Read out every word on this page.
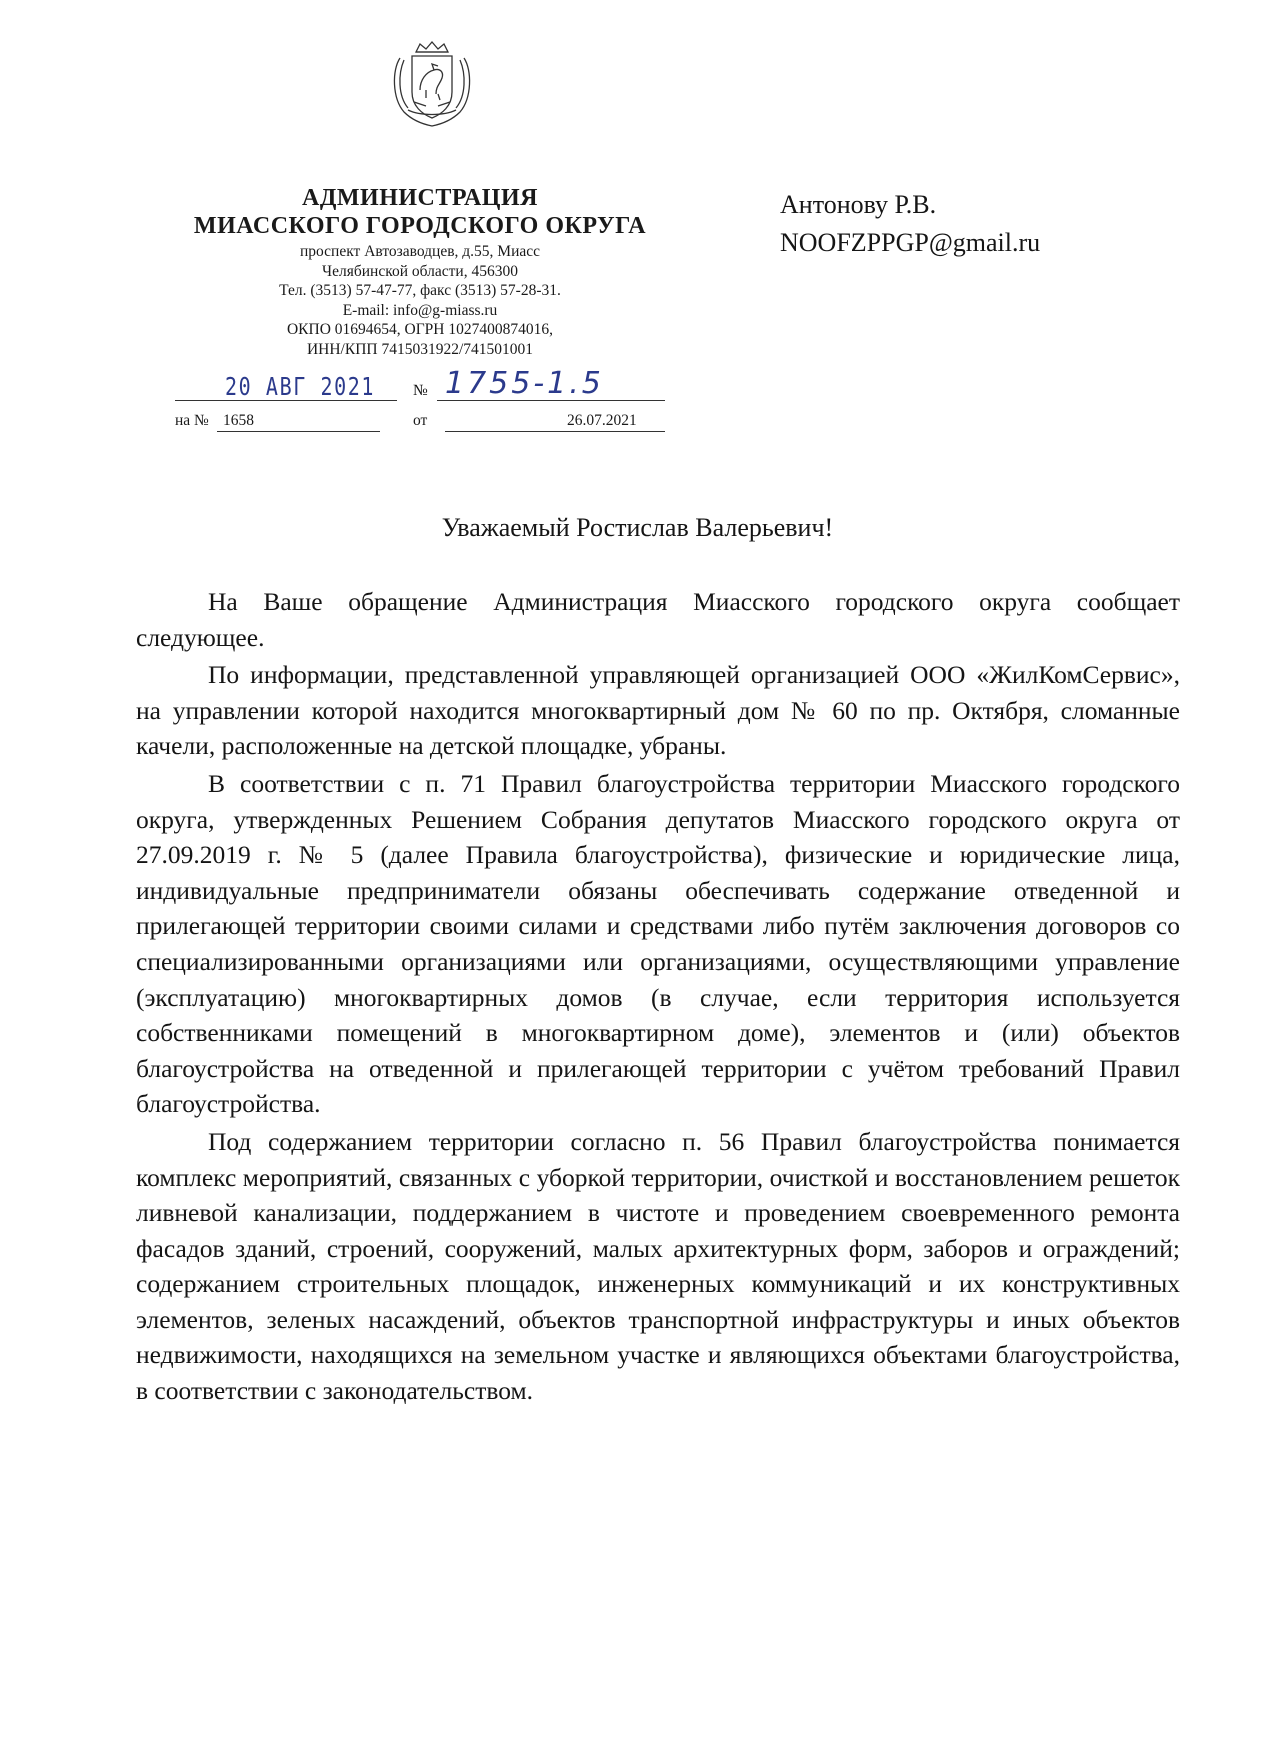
АДМИНИСТРАЦИЯ
МИАССКОГО ГОРОДСКОГО ОКРУГА
проспект Автозаводцев, д.55, Миасс
Челябинской области, 456300
Тел. (3513) 57-47-77, факс (3513) 57-28-31.
E-mail: info@g-miass.ru
ОКПО 01694654, ОГРН 1027400874016,
ИНН/КПП 7415031922/741501001
20 АВГ 2021 № 1755-1.5
на № 1658	от	26.07.2021
Антонову Р.В.
NOOFZPPGP@gmail.ru
Уважаемый Ростислав Валерьевич!

На Ваше обращение Администрация Миасского городского округа сообщает следующее.

По информации, представленной управляющей организацией ООО «ЖилКомСервис», на управлении которой находится многоквартирный дом № 60 по пр. Октября, сломанные качели, расположенные на детской площадке, убраны.

В соответствии с п. 71 Правил благоустройства территории Миасского городского округа, утвержденных Решением Собрания депутатов Миасского городского округа от 27.09.2019 г. № 5 (далее Правила благоустройства), физические и юридические лица, индивидуальные предприниматели обязаны обеспечивать содержание отведенной и прилегающей территории своими силами и средствами либо путём заключения договоров со специализированными организациями или организациями, осуществляющими управление (эксплуатацию) многоквартирных домов (в случае, если территория используется собственниками помещений в многоквартирном доме), элементов и (или) объектов благоустройства на отведенной и прилегающей территории с учётом требований Правил благоустройства.

Под содержанием территории согласно п. 56 Правил благоустройства понимается комплекс мероприятий, связанных с уборкой территории, очисткой и восстановлением решеток ливневой канализации, поддержанием в чистоте и проведением своевременного ремонта фасадов зданий, строений, сооружений, малых архитектурных форм, заборов и ограждений; содержанием строительных площадок, инженерных коммуникаций и их конструктивных элементов, зеленых насаждений, объектов транспортной инфраструктуры и иных объектов недвижимости, находящихся на земельном участке и являющихся объектами благоустройства, в соответствии с законодательством.
